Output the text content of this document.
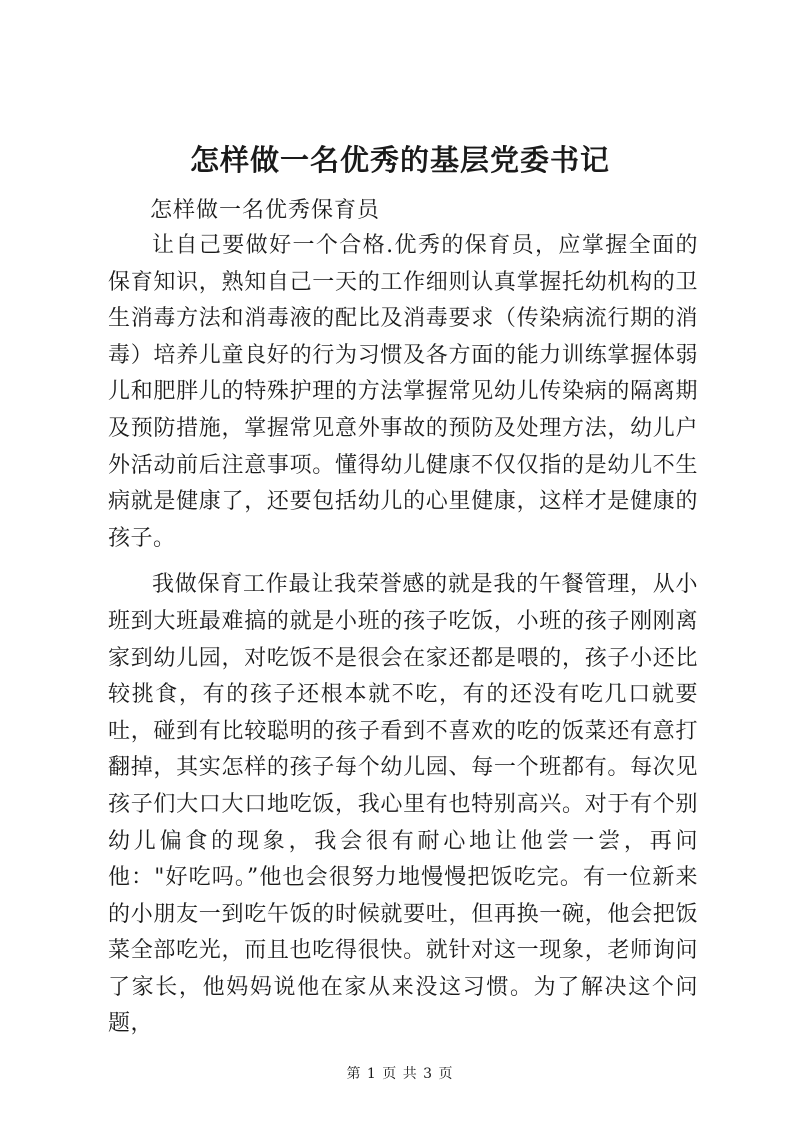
怎样做一名优秀的基层党委书记

怎样做一名优秀保育员

让自己要做好一个合格.优秀的保育员，应掌握全面的保育知识，熟知自己一天的工作细则认真掌握托幼机构的卫生消毒方法和消毒液的配比及消毒要求（传染病流行期的消毒）培养儿童良好的行为习惯及各方面的能力训练掌握体弱儿和肥胖儿的特殊护理的方法掌握常见幼儿传染病的隔离期及预防措施，掌握常见意外事故的预防及处理方法，幼儿户外活动前后注意事项。懂得幼儿健康不仅仅指的是幼儿不生病就是健康了，还要包括幼儿的心里健康，这样才是健康的孩子。

我做保育工作最让我荣誉感的就是我的午餐管理，从小班到大班最难搞的就是小班的孩子吃饭，小班的孩子刚刚离家到幼儿园，对吃饭不是很会在家还都是喂的，孩子小还比较挑食，有的孩子还根本就不吃，有的还没有吃几口就要吐，碰到有比较聪明的孩子看到不喜欢的吃的饭菜还有意打翻掉，其实怎样的孩子每个幼儿园、每一个班都有。每次见孩子们大口大口地吃饭，我心里有也特别高兴。对于有个别幼儿偏食的现象，我会很有耐心地让他尝一尝，再问他："好吃吗。”他也会很努力地慢慢把饭吃完。有一位新来的小朋友一到吃午饭的时候就要吐，但再换一碗，他会把饭菜全部吃光，而且也吃得很快。就针对这一现象，老师询问了家长，他妈妈说他在家从来没这习惯。为了解决这个问题，

第 1 页 共 3 页
